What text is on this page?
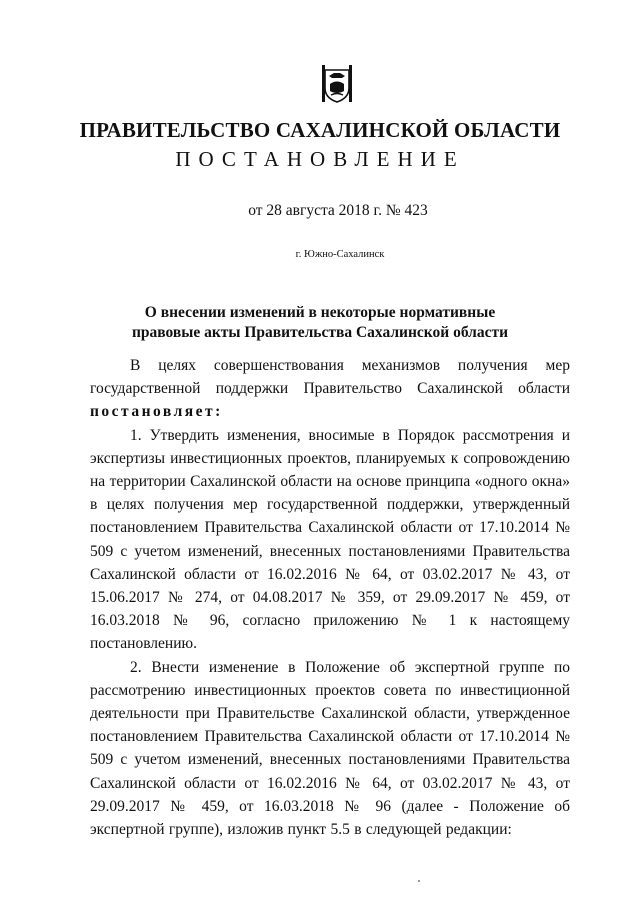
ПРАВИТЕЛЬСТВО САХАЛИНСКОЙ ОБЛАСТИ
ПОСТАНОВЛЕНИЕ
от 28 августа 2018 г. № 423
г. Южно-Сахалинск
О внесении изменений в некоторые нормативные
правовые акты Правительства Сахалинской области

В целях совершенствования механизмов получения мер государственной поддержки Правительство Сахалинской области постановляет:

1. Утвердить изменения, вносимые в Порядок рассмотрения и экспертизы инвестиционных проектов, планируемых к сопровождению на территории Сахалинской области на основе принципа «одного окна» в целях получения мер государственной поддержки, утвержденный постановлением Правительства Сахалинской области от 17.10.2014 № 509 с учетом изменений, внесенных постановлениями Правительства Сахалинской области от 16.02.2016 № 64, от 03.02.2017 № 43, от 15.06.2017 № 274, от 04.08.2017 № 359, от 29.09.2017 № 459, от 16.03.2018 № 96, согласно приложению № 1 к настоящему постановлению.

2. Внести изменение в Положение об экспертной группе по рассмотрению инвестиционных проектов совета по инвестиционной деятельности при Правительстве Сахалинской области, утвержденное постановлением Правительства Сахалинской области от 17.10.2014 № 509 с учетом изменений, внесенных постановлениями Правительства Сахалинской области от 16.02.2016 № 64, от 03.02.2017 № 43, от 29.09.2017 № 459, от 16.03.2018 № 96 (далее - Положение об экспертной группе), изложив пункт 5.5 в следующей редакции:
